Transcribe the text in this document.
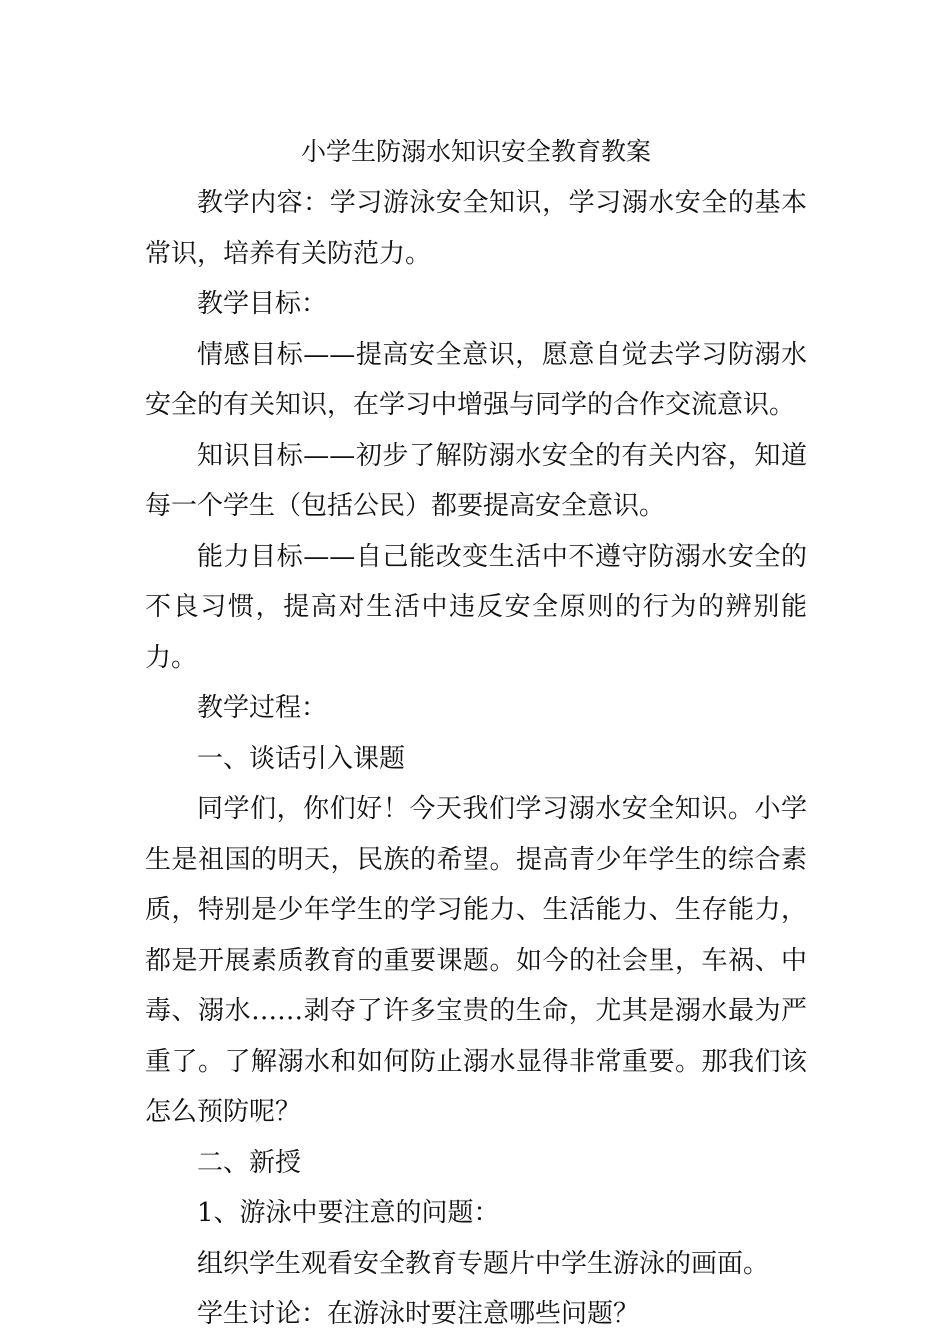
小学生防溺水知识安全教育教案

教学内容：学习游泳安全知识，学习溺水安全的基本常识，培养有关防范力。

教学目标：

情感目标——提高安全意识，愿意自觉去学习防溺水安全的有关知识，在学习中增强与同学的合作交流意识。

知识目标——初步了解防溺水安全的有关内容，知道每一个学生（包括公民）都要提高安全意识。

能力目标——自己能改变生活中不遵守防溺水安全的不良习惯，提高对生活中违反安全原则的行为的辨别能力。

教学过程：

一、谈话引入课题

同学们，你们好！今天我们学习溺水安全知识。小学生是祖国的明天，民族的希望。提高青少年学生的综合素质，特别是少年学生的学习能力、生活能力、生存能力，都是开展素质教育的重要课题。如今的社会里，车祸、中毒、溺水……剥夺了许多宝贵的生命，尤其是溺水最为严重了。了解溺水和如何防止溺水显得非常重要。那我们该怎么预防呢？

二、新授

1、游泳中要注意的问题：

组织学生观看安全教育专题片中学生游泳的画面。

学生讨论：在游泳时要注意哪些问题？
